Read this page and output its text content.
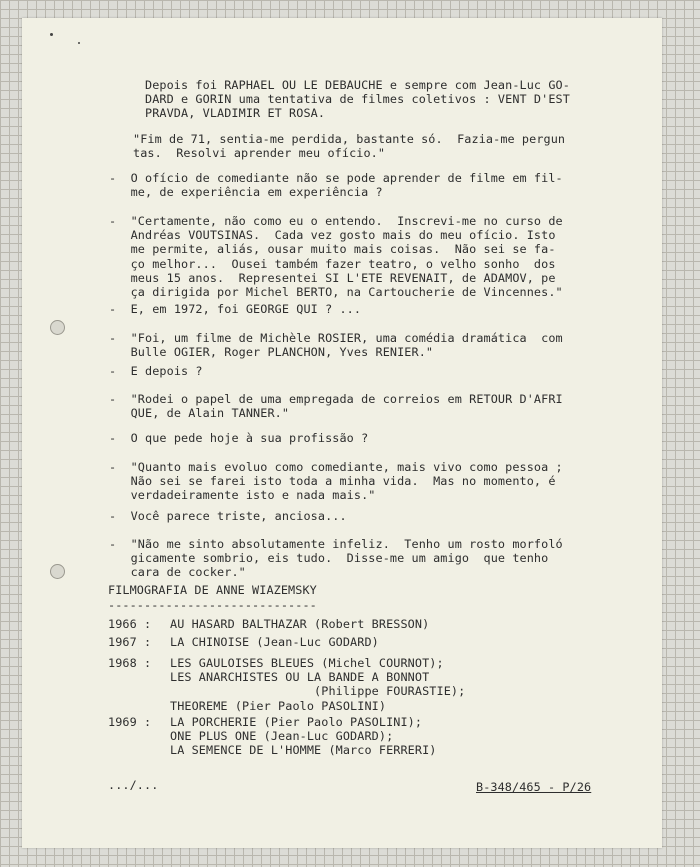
Depois foi RAPHAEL OU LE DEBAUCHE e sempre com Jean-Luc GO-
DARD e GORIN uma tentativa de filmes coletivos : VENT D'EST
PRAVDA, VLADIMIR ET ROSA.
"Fim de 71, sentia-me perdida, bastante só.  Fazia-me pergun
tas.  Resolvi aprender meu ofício."
-  O ofício de comediante não se pode aprender de filme em fil-
me, de experiência em experiência ?
-  "Certamente, não como eu o entendo.  Inscrevi-me no curso de
Andréas VOUTSINAS.  Cada vez gosto mais do meu ofício. Isto
me permite, aliás, ousar muito mais coisas.  Não sei se fa-
ço melhor...  Ousei também fazer teatro, o velho sonho  dos
meus 15 anos.  Representei SI L'ETE REVENAIT, de ADAMOV, pe
ça dirigida por Michel BERTO, na Cartoucherie de Vincennes."
-  E, em 1972, foi GEORGE QUI ? ...
-  "Foi, um filme de Michèle ROSIER, uma comédia dramática  com
Bulle OGIER, Roger PLANCHON, Yves RENIER."
-  E depois ?
-  "Rodei o papel de uma empregada de correios em RETOUR D'AFRI
QUE, de Alain TANNER."
-  O que pede hoje à sua profissão ?
-  "Quanto mais evoluo como comediante, mais vivo como pessoa ;
Não sei se farei isto toda a minha vida.  Mas no momento, é
verdadeiramente isto e nada mais."
-  Você parece triste, anciosa...
-  "Não me sinto absolutamente infeliz.  Tenho um rosto morfoló
gicamente sombrio, eis tudo.  Disse-me um amigo  que tenho
cara de cocker."
FILMOGRAFIA DE ANNE WIAZEMSKY
-----------------------------
1966 : AU HASARD BALTHAZAR (Robert BRESSON)
1967 : LA CHINOISE (Jean-Luc GODARD)
1968 : LES GAULOISES BLEUES (Michel COURNOT);
LES ANARCHISTES OU LA BANDE A BONNOT
(Philippe FOURASTIE);
THEOREME (Pier Paolo PASOLINI)
1969 : LA PORCHERIE (Pier Paolo PASOLINI);
ONE PLUS ONE (Jean-Luc GODARD);
LA SEMENCE DE L'HOMME (Marco FERRERI)
.../...	B-348/465 - P/26
